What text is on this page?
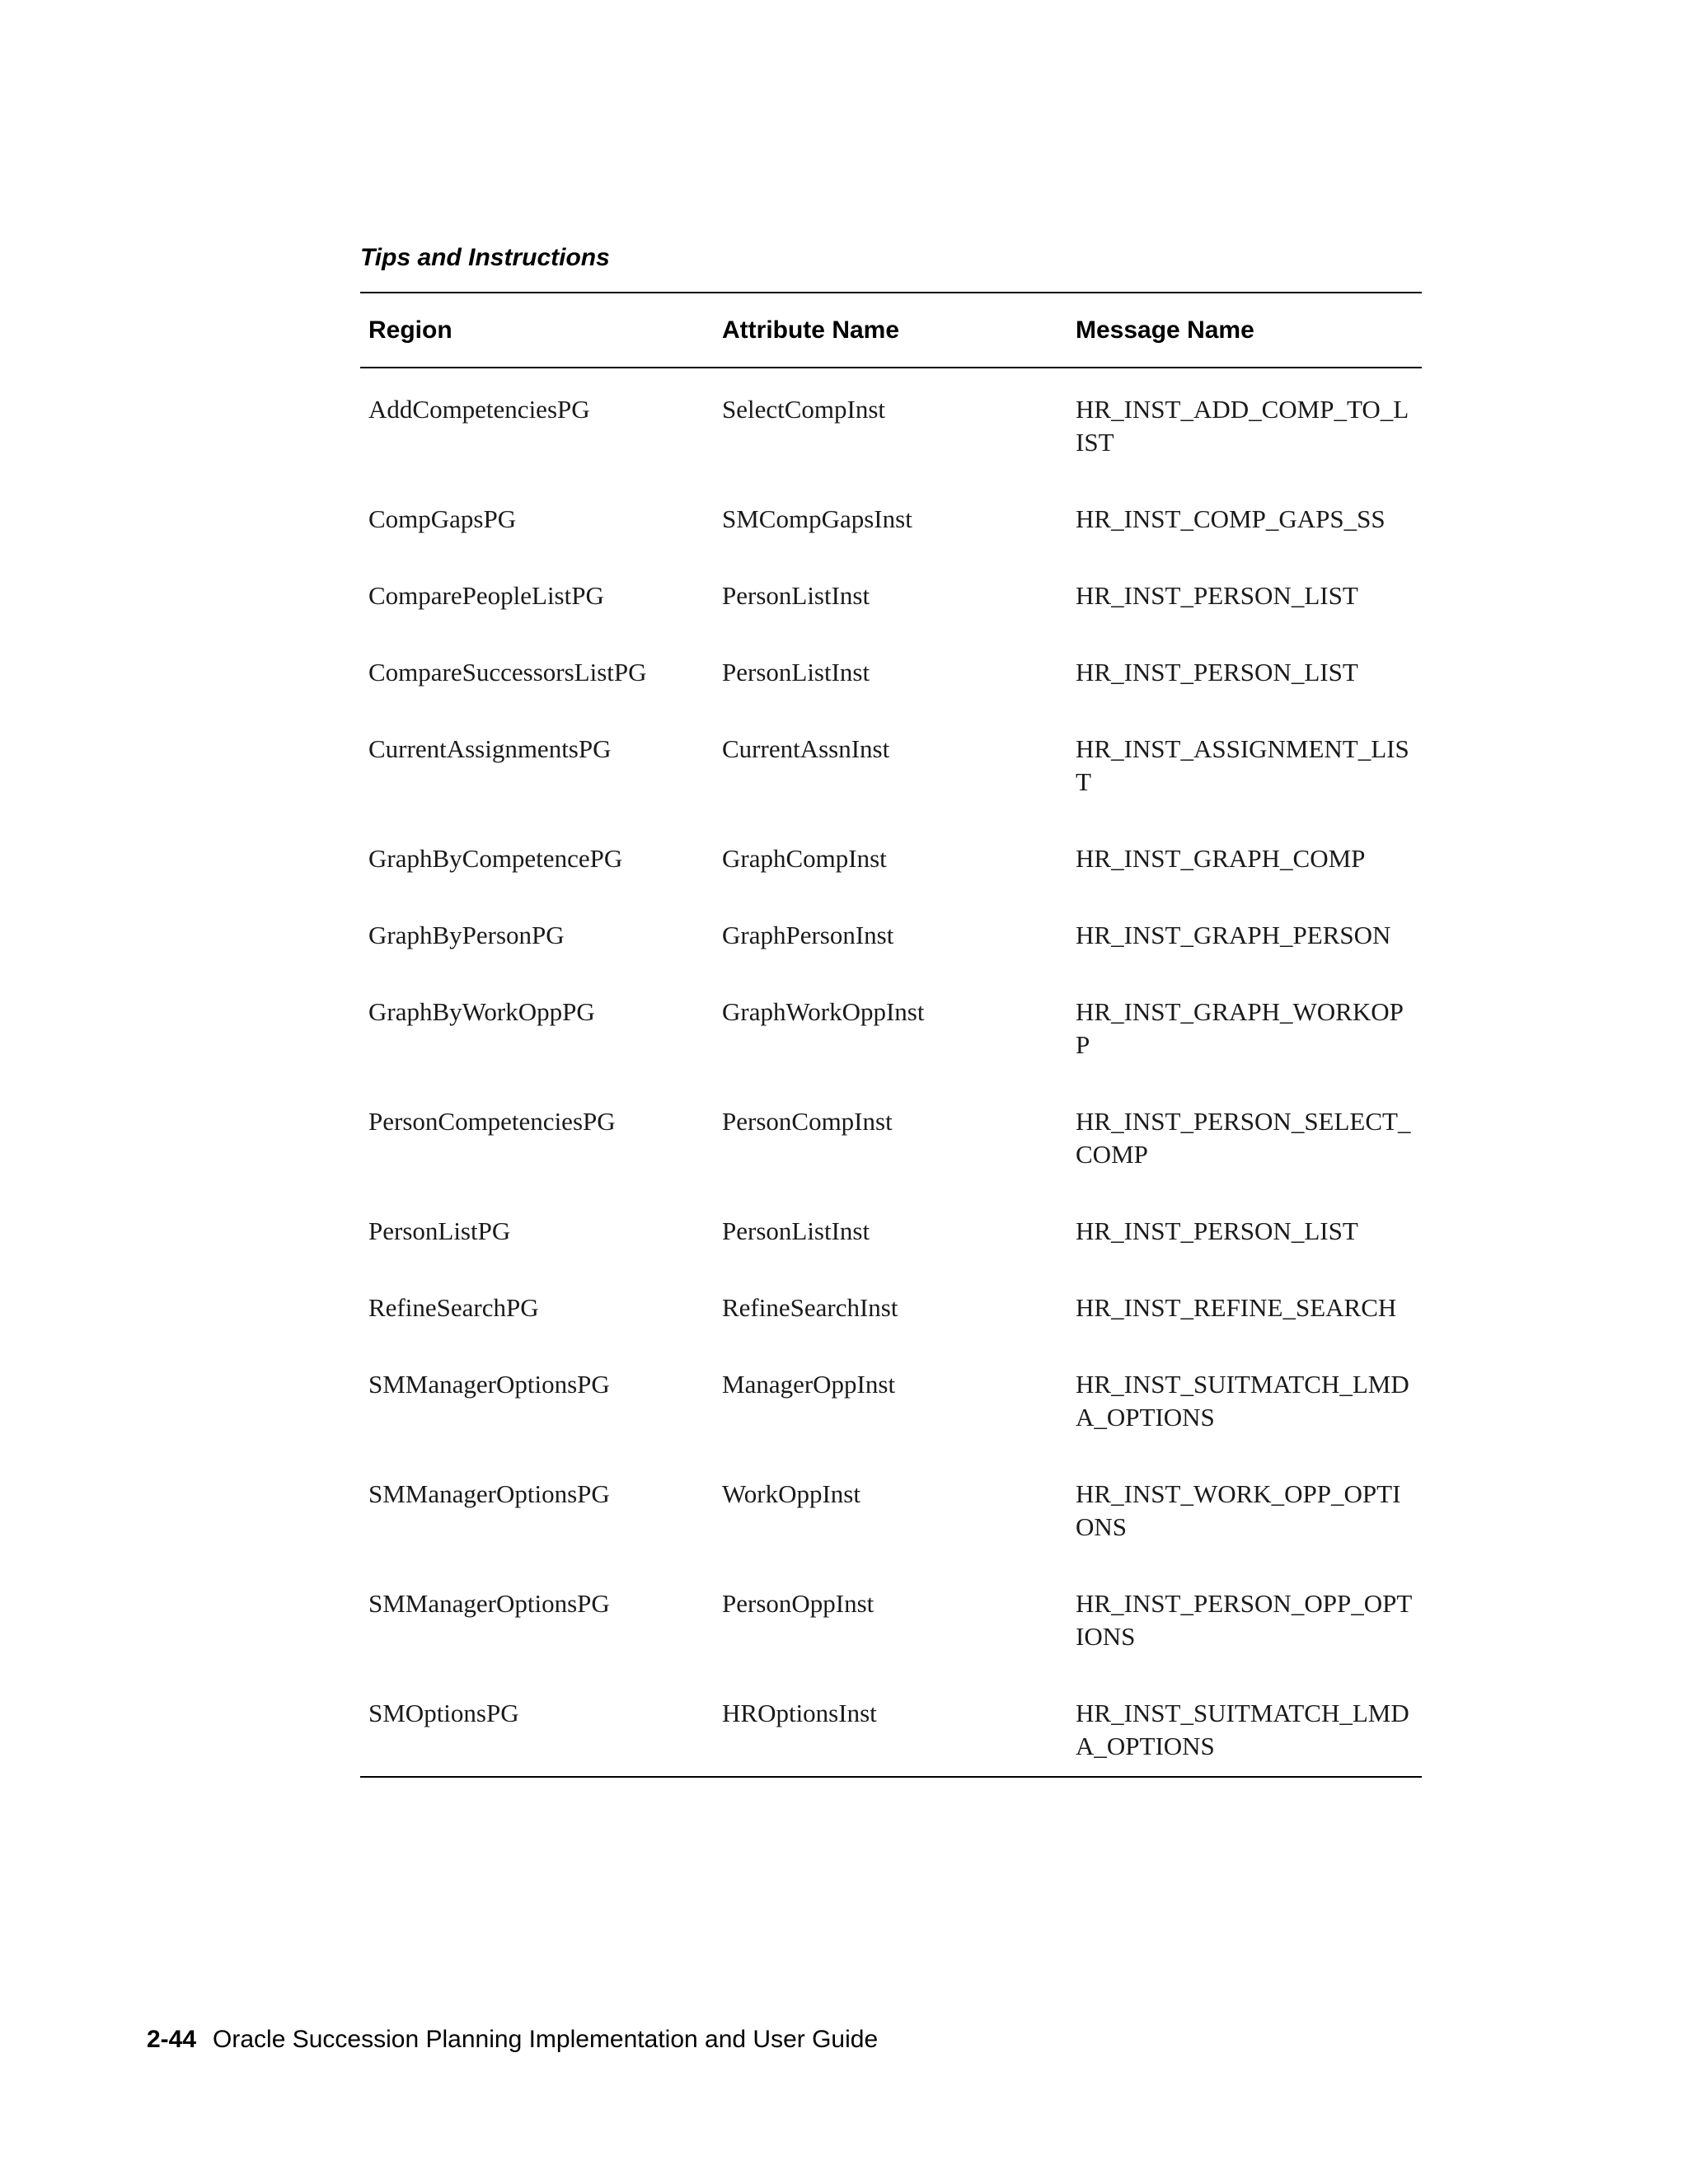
Tips and Instructions
Region	Attribute Name	Message Name
AddCompetenciesPG	SelectCompInst	HR_INST_ADD_COMP_TO_LIST
CompGapsPG	SMCompGapsInst	HR_INST_COMP_GAPS_SS
ComparePeopleListPG	PersonListInst	HR_INST_PERSON_LIST
CompareSuccessorsListPG	PersonListInst	HR_INST_PERSON_LIST
CurrentAssignmentsPG	CurrentAssnInst	HR_INST_ASSIGNMENT_LIST
GraphByCompetencePG	GraphCompInst	HR_INST_GRAPH_COMP
GraphByPersonPG	GraphPersonInst	HR_INST_GRAPH_PERSON
GraphByWorkOppPG	GraphWorkOppInst	HR_INST_GRAPH_WORKOPP
PersonCompetenciesPG	PersonCompInst	HR_INST_PERSON_SELECT_COMP
PersonListPG	PersonListInst	HR_INST_PERSON_LIST
RefineSearchPG	RefineSearchInst	HR_INST_REFINE_SEARCH
SMManagerOptionsPG	ManagerOppInst	HR_INST_SUITMATCH_LMDA_OPTIONS
SMManagerOptionsPG	WorkOppInst	HR_INST_WORK_OPP_OPTIONS
SMManagerOptionsPG	PersonOppInst	HR_INST_PERSON_OPP_OPTIONS
SMOptionsPG	HROptionsInst	HR_INST_SUITMATCH_LMDA_OPTIONS
2-44 Oracle Succession Planning Implementation and User Guide
